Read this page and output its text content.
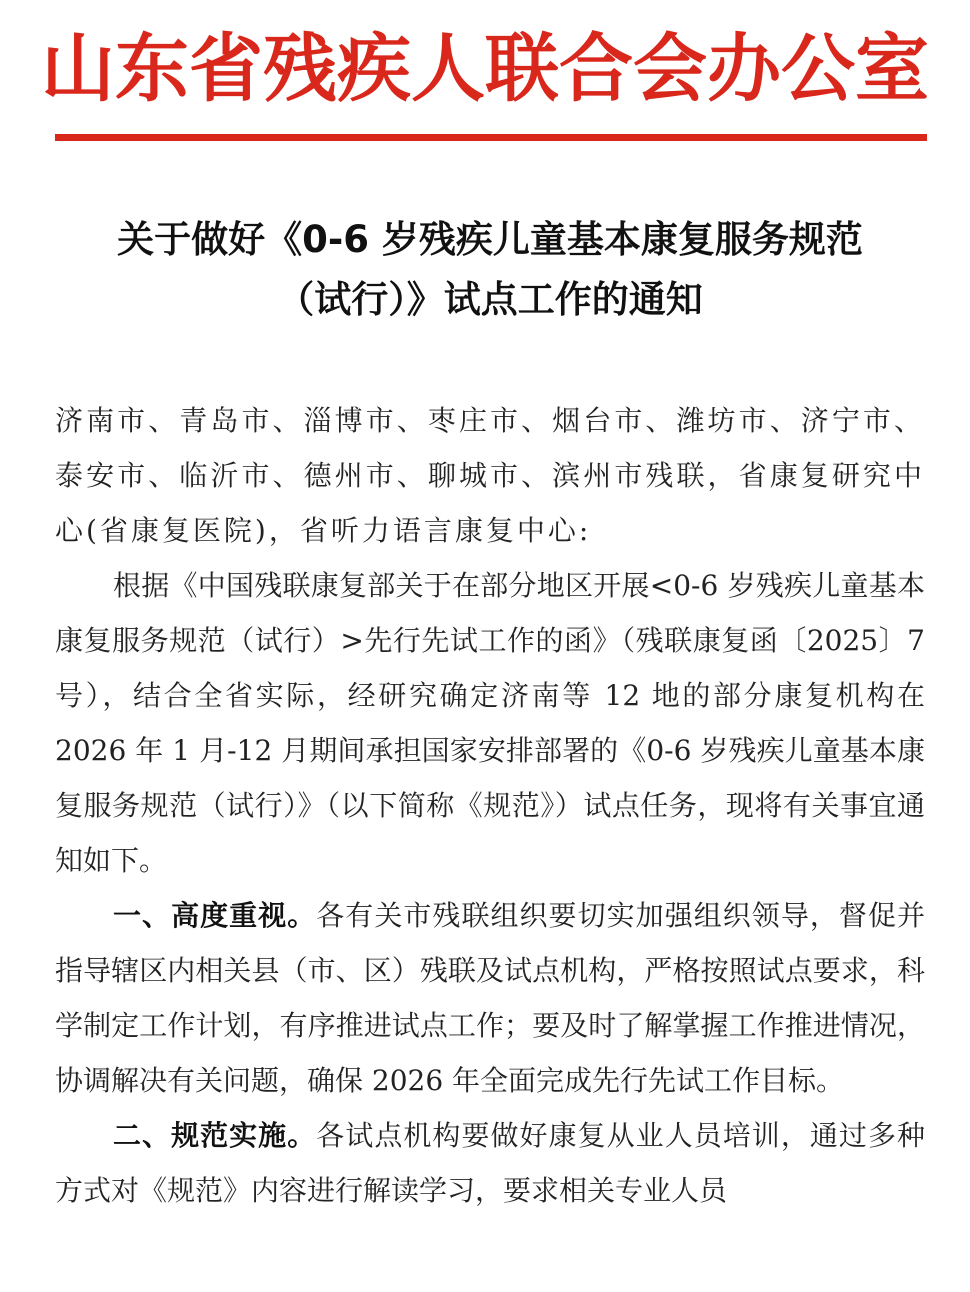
山东省残疾人联合会办公室
关于做好《0-6 岁残疾儿童基本康复服务规范
（试行）》试点工作的通知

济南市、青岛市、淄博市、枣庄市、烟台市、潍坊市、济宁市、泰安市、临沂市、德州市、聊城市、滨州市残联，省康复研究中心(省康复医院)，省听力语言康复中心:

根据《中国残联康复部关于在部分地区开展<0-6 岁残疾儿童基本康复服务规范（试行）>先行先试工作的函》（残联康复函〔2025〕7 号），结合全省实际，经研究确定济南等 12 地的部分康复机构在 2026 年 1 月-12 月期间承担国家安排部署的《0-6 岁残疾儿童基本康复服务规范（试行）》（以下简称《规范》）试点任务，现将有关事宜通知如下。

一、高度重视。各有关市残联组织要切实加强组织领导，督促并指导辖区内相关县（市、区）残联及试点机构，严格按照试点要求，科学制定工作计划，有序推进试点工作；要及时了解掌握工作推进情况，协调解决有关问题，确保 2026 年全面完成先行先试工作目标。

二、规范实施。各试点机构要做好康复从业人员培训，通过多种方式对《规范》内容进行解读学习，要求相关专业人员
